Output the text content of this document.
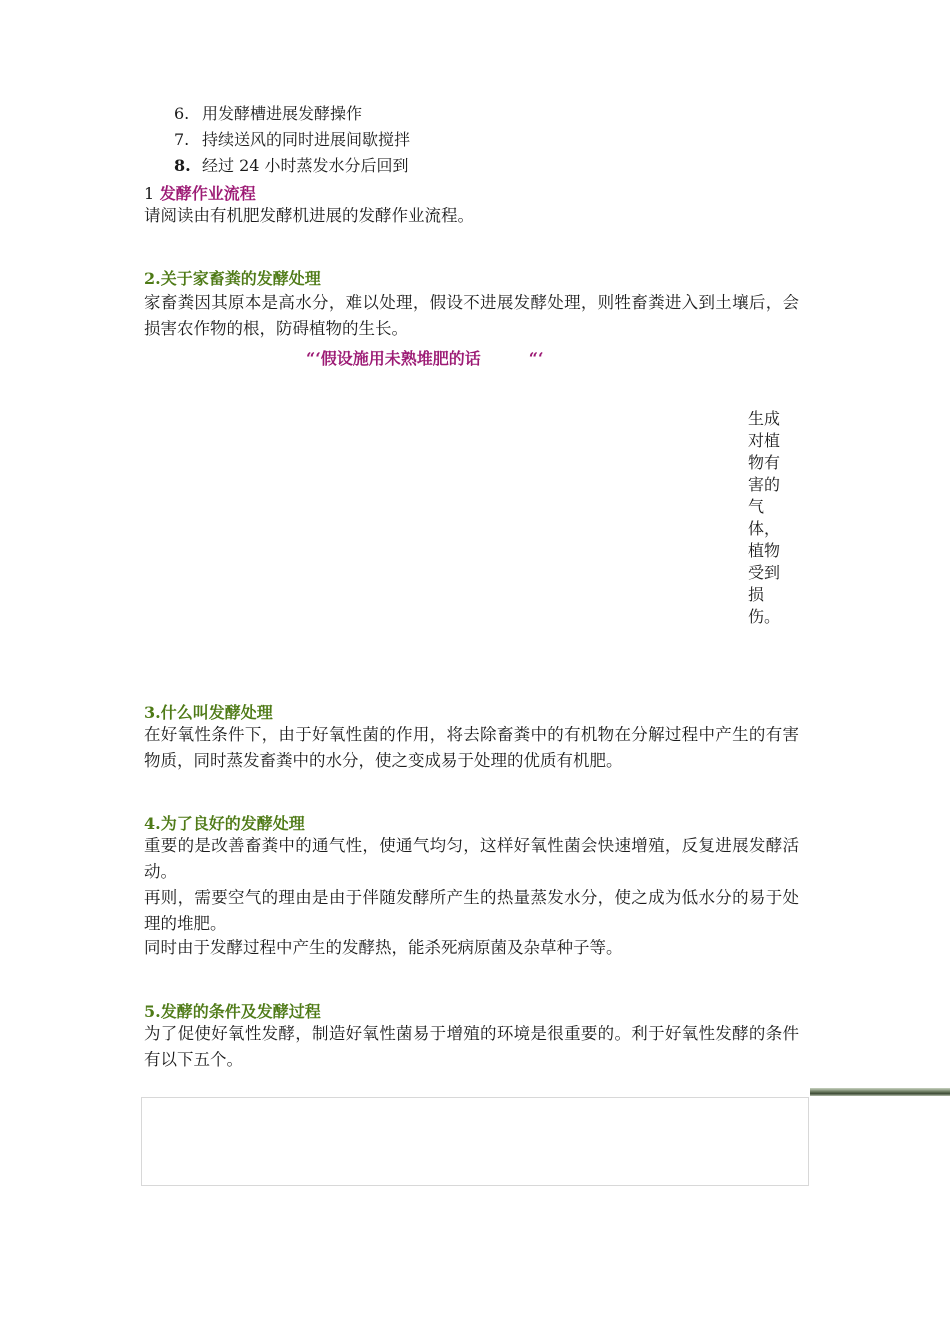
6. 用发酵槽进展发酵操作
7. 持续送风的同时进展间歇搅拌
8. 经过 24 小时蒸发水分后回到
1 发酵作业流程
请阅读由有机肥发酵机进展的发酵作业流程。
2.关于家畜粪的发酵处理
家畜粪因其原本是高水分，难以处理，假设不进展发酵处理，则牲畜粪进入到土壤后，会损害农作物的根，防碍植物的生长。
“‘假设施用未熟堆肥的话	“‘
生成
对植
物有
害的
气
体，
植物
受到
损
伤。
3.什么叫发酵处理
在好氧性条件下，由于好氧性菌的作用，将去除畜粪中的有机物在分解过程中产生的有害物质，同时蒸发畜粪中的水分，使之变成易于处理的优质有机肥。
4.为了良好的发酵处理
重要的是改善畜粪中的通气性，使通气均匀，这样好氧性菌会快速增殖，反复进展发酵活动。
再则，需要空气的理由是由于伴随发酵所产生的热量蒸发水分，使之成为低水分的易于处理的堆肥。
同时由于发酵过程中产生的发酵热，能杀死病原菌及杂草种子等。
5.发酵的条件及发酵过程
为了促使好氧性发酵，制造好氧性菌易于增殖的环境是很重要的。利于好氧性发酵的条件有以下五个。
